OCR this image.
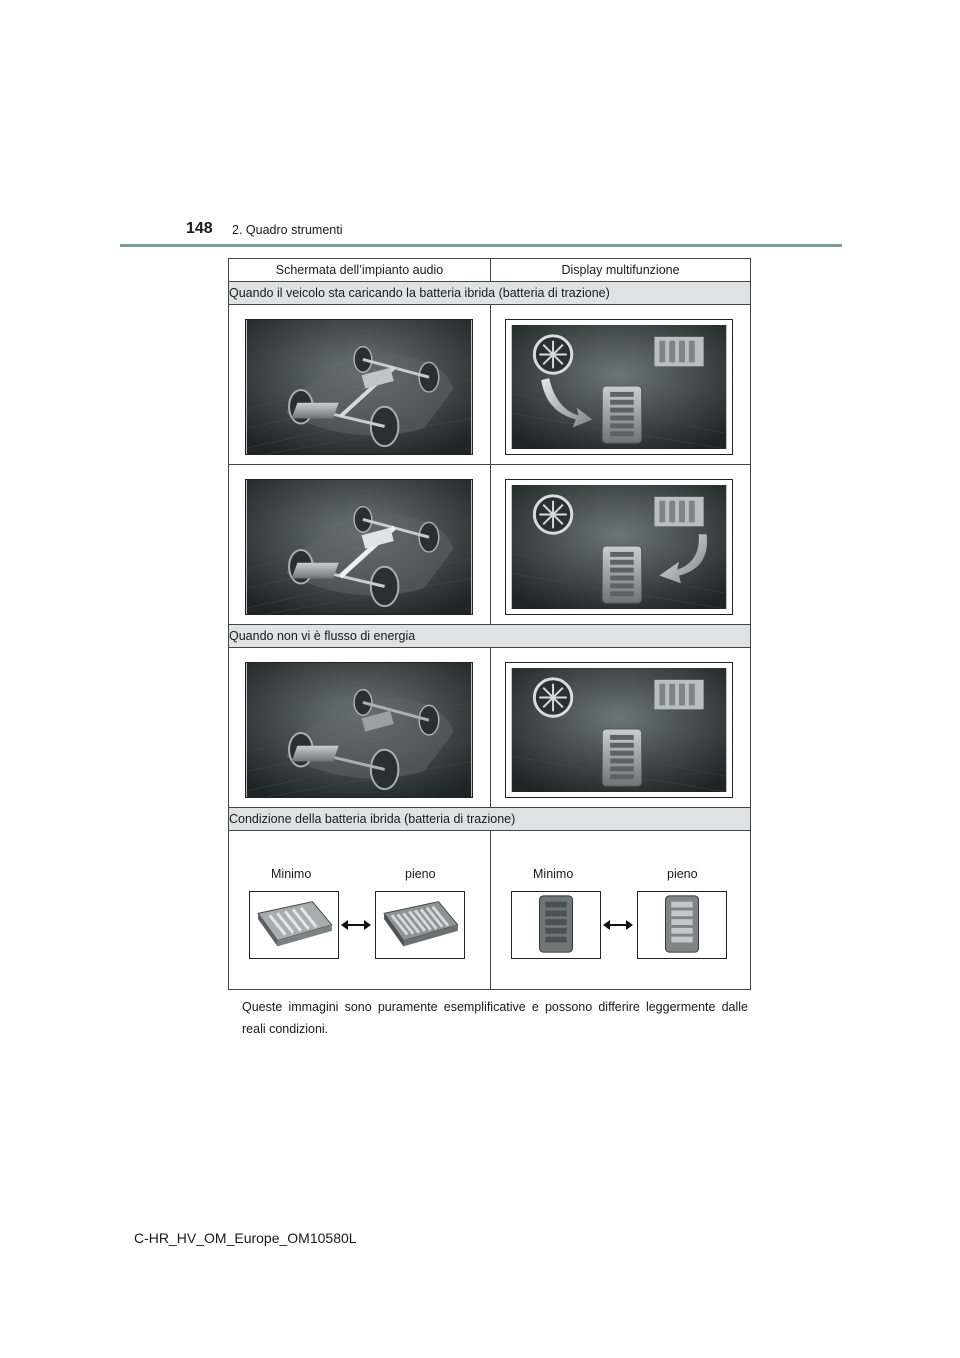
148 2. Quadro strumenti
Schermata dell’impianto audio	Display multifunzione
Quando il veicolo sta caricando la batteria ibrida (batteria di trazione)	

Quando non vi è flusso di energia	

Condizione della batteria ibrida (batteria di trazione)	

Minimo pieno	Minimo pieno
Queste immagini sono puramente esemplificative e possono differire leggermente dalle reali condizioni.
C-HR_HV_OM_Europe_OM10580L
